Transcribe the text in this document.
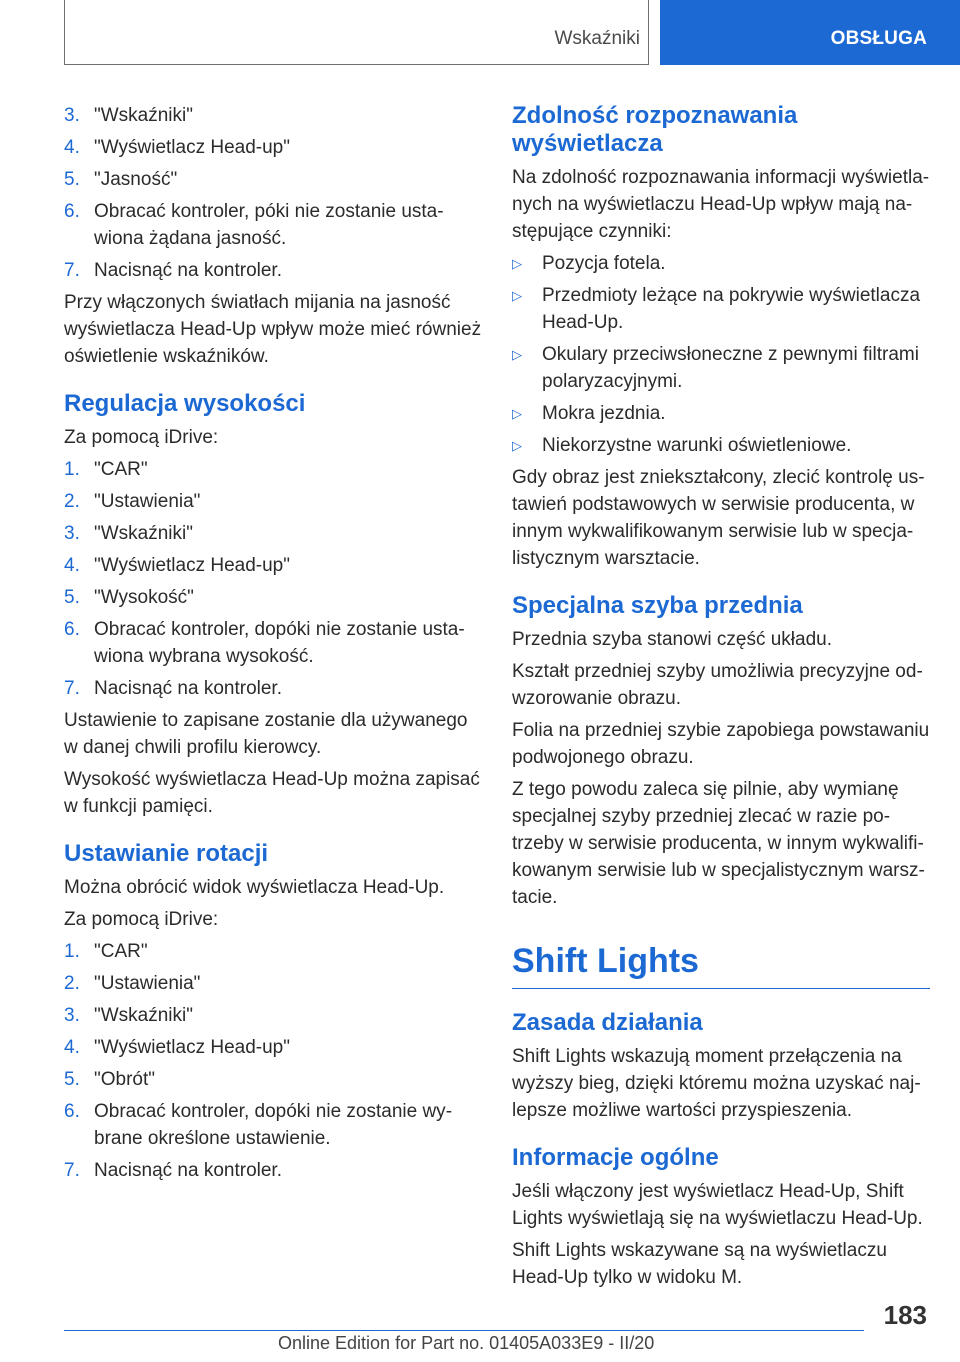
Wskaźniki	OBSŁUGA
3. "Wskaźniki"
4. "Wyświetlacz Head-up"
5. "Jasność"
6. Obracać kontroler, póki nie zostanie ustawiona żądana jasność.
7. Nacisnąć na kontroler.

Przy włączonych światłach mijania na jasność wyświetlacza Head-Up wpływ może mieć również oświetlenie wskaźników.

Regulacja wysokości

Za pomocą iDrive:

1. "CAR"
2. "Ustawienia"
3. "Wskaźniki"
4. "Wyświetlacz Head-up"
5. "Wysokość"
6. Obracać kontroler, dopóki nie zostanie ustawiona wybrana wysokość.
7. Nacisnąć na kontroler.

Ustawienie to zapisane zostanie dla używanego w danej chwili profilu kierowcy.

Wysokość wyświetlacza Head-Up można zapisać w funkcji pamięci.

Ustawianie rotacji

Można obrócić widok wyświetlacza Head-Up.

Za pomocą iDrive:

1. "CAR"
2. "Ustawienia"
3. "Wskaźniki"
4. "Wyświetlacz Head-up"
5. "Obrót"
6. Obracać kontroler, dopóki nie zostanie wybrane określone ustawienie.
7. Nacisnąć na kontroler.
Zdolność rozpoznawania wyświetlacza

Na zdolność rozpoznawania informacji wyświetlanych na wyświetlaczu Head-Up wpływ mają następujące czynniki:

▷ Pozycja fotela.
▷ Przedmioty leżące na pokrywie wyświetlacza Head-Up.
▷ Okulary przeciwsłoneczne z pewnymi filtrami polaryzacyjnymi.
▷ Mokra jezdnia.
▷ Niekorzystne warunki oświetleniowe.

Gdy obraz jest zniekształcony, zlecić kontrolę ustawień podstawowych w serwisie producenta, w innym wykwalifikowanym serwisie lub w specjalistycznym warsztacie.

Specjalna szyba przednia

Przednia szyba stanowi część układu.

Kształt przedniej szyby umożliwia precyzyjne odwzorowanie obrazu.

Folia na przedniej szybie zapobiega powstawaniu podwojonego obrazu.

Z tego powodu zaleca się pilnie, aby wymianę specjalnej szyby przedniej zlecać w razie potrzeby w serwisie producenta, w innym wykwalifikowanym serwisie lub w specjalistycznym warsztacie.

Shift Lights
Zasada działania

Shift Lights wskazują moment przełączenia na wyższy bieg, dzięki któremu można uzyskać najlepsze możliwe wartości przyspieszenia.

Informacje ogólne

Jeśli włączony jest wyświetlacz Head-Up, Shift Lights wyświetlają się na wyświetlaczu Head-Up.

Shift Lights wskazywane są na wyświetlaczu Head-Up tylko w widoku M.

183
Online Edition for Part no. 01405A033E9 - II/20
